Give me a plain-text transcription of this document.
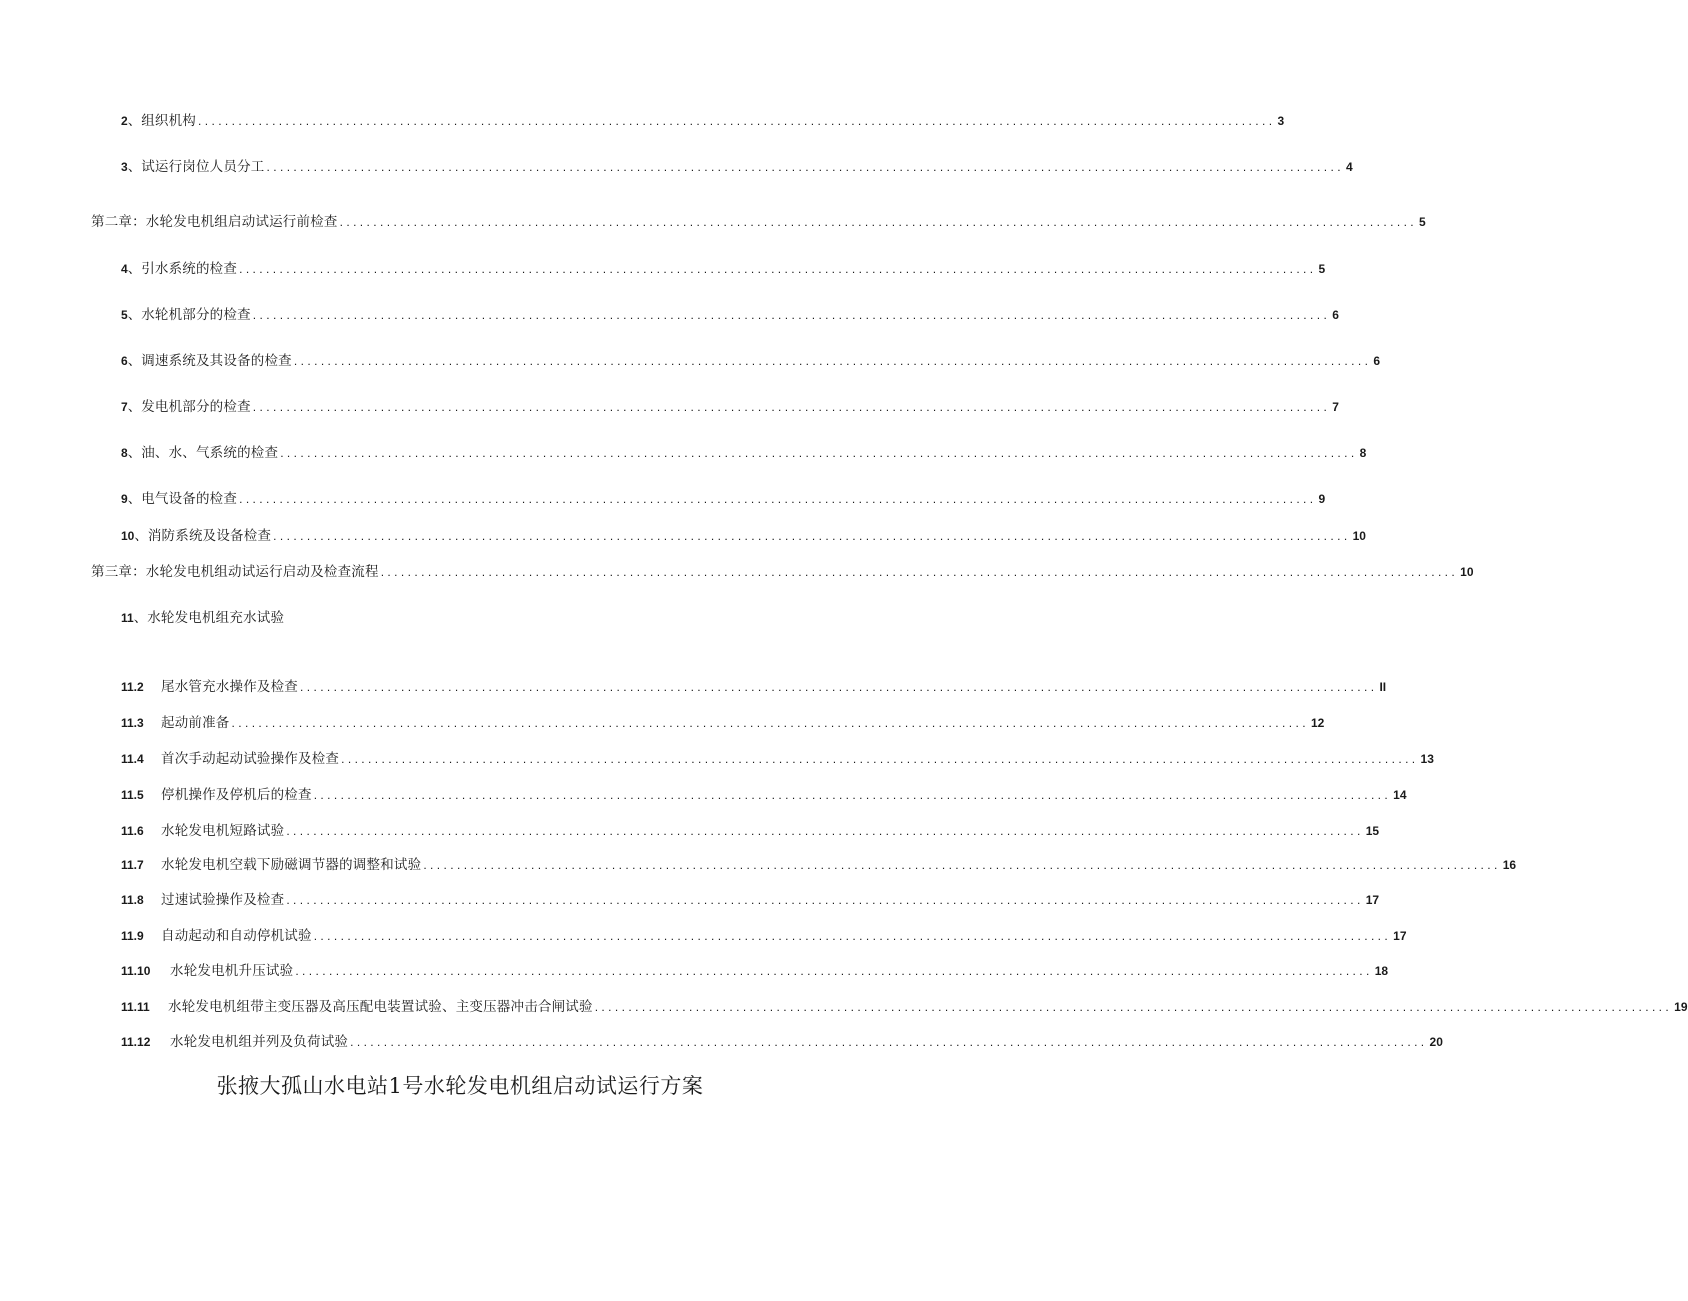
2 、 组织机构 ................................................................................................................................................................ 3
3 、 试运行岗位人员分工 ................................................................................................................................................................ 4
第二章：水轮发电机组启动试运行前检查 ................................................................................................................................................................ 5
4 、 引水系统的检查 ................................................................................................................................................................ 5
5 、 水轮机部分的检查 ................................................................................................................................................................ 6
6 、 调速系统及其设备的检查 ................................................................................................................................................................ 6
7 、 发电机部分的检查 ................................................................................................................................................................ 7
8 、 油、水、气系统的检查 ................................................................................................................................................................ 8
9 、 电气设备的检查 ................................................................................................................................................................ 9
10 、 消防系统及设备检查 ................................................................................................................................................................ 10
第三章：水轮发电机组动试运行启动及检查流程 ................................................................................................................................................................ 10
11 、 水轮发电机组充水试验
11.2	尾水管充水操作及检查 ................................................................................................................................................................ II
11.3	起动前准备 ................................................................................................................................................................ 12
11.4	首次手动起动试验操作及检查 ................................................................................................................................................................ 13
11.5	停机操作及停机后的检查 ................................................................................................................................................................ 14
11.6	水轮发电机短路试验 ................................................................................................................................................................ 15
11.7	水轮发电机空载下励磁调节器的调整和试验 ................................................................................................................................................................ 16
11.8	过速试验操作及检查 ................................................................................................................................................................ 17
11.9	自动起动和自动停机试验 ................................................................................................................................................................ 17
11.10	水轮发电机升压试验 ................................................................................................................................................................ 18
11.11	水轮发电机组带主变压器及高压配电装置试验、主变压器冲击合闸试验 ................................................................................................................................................................ 19
11.12	水轮发电机组并列及负荷试验 ................................................................................................................................................................ 20
张掖大孤山水电站1号水轮发电机组启动试运行方案
